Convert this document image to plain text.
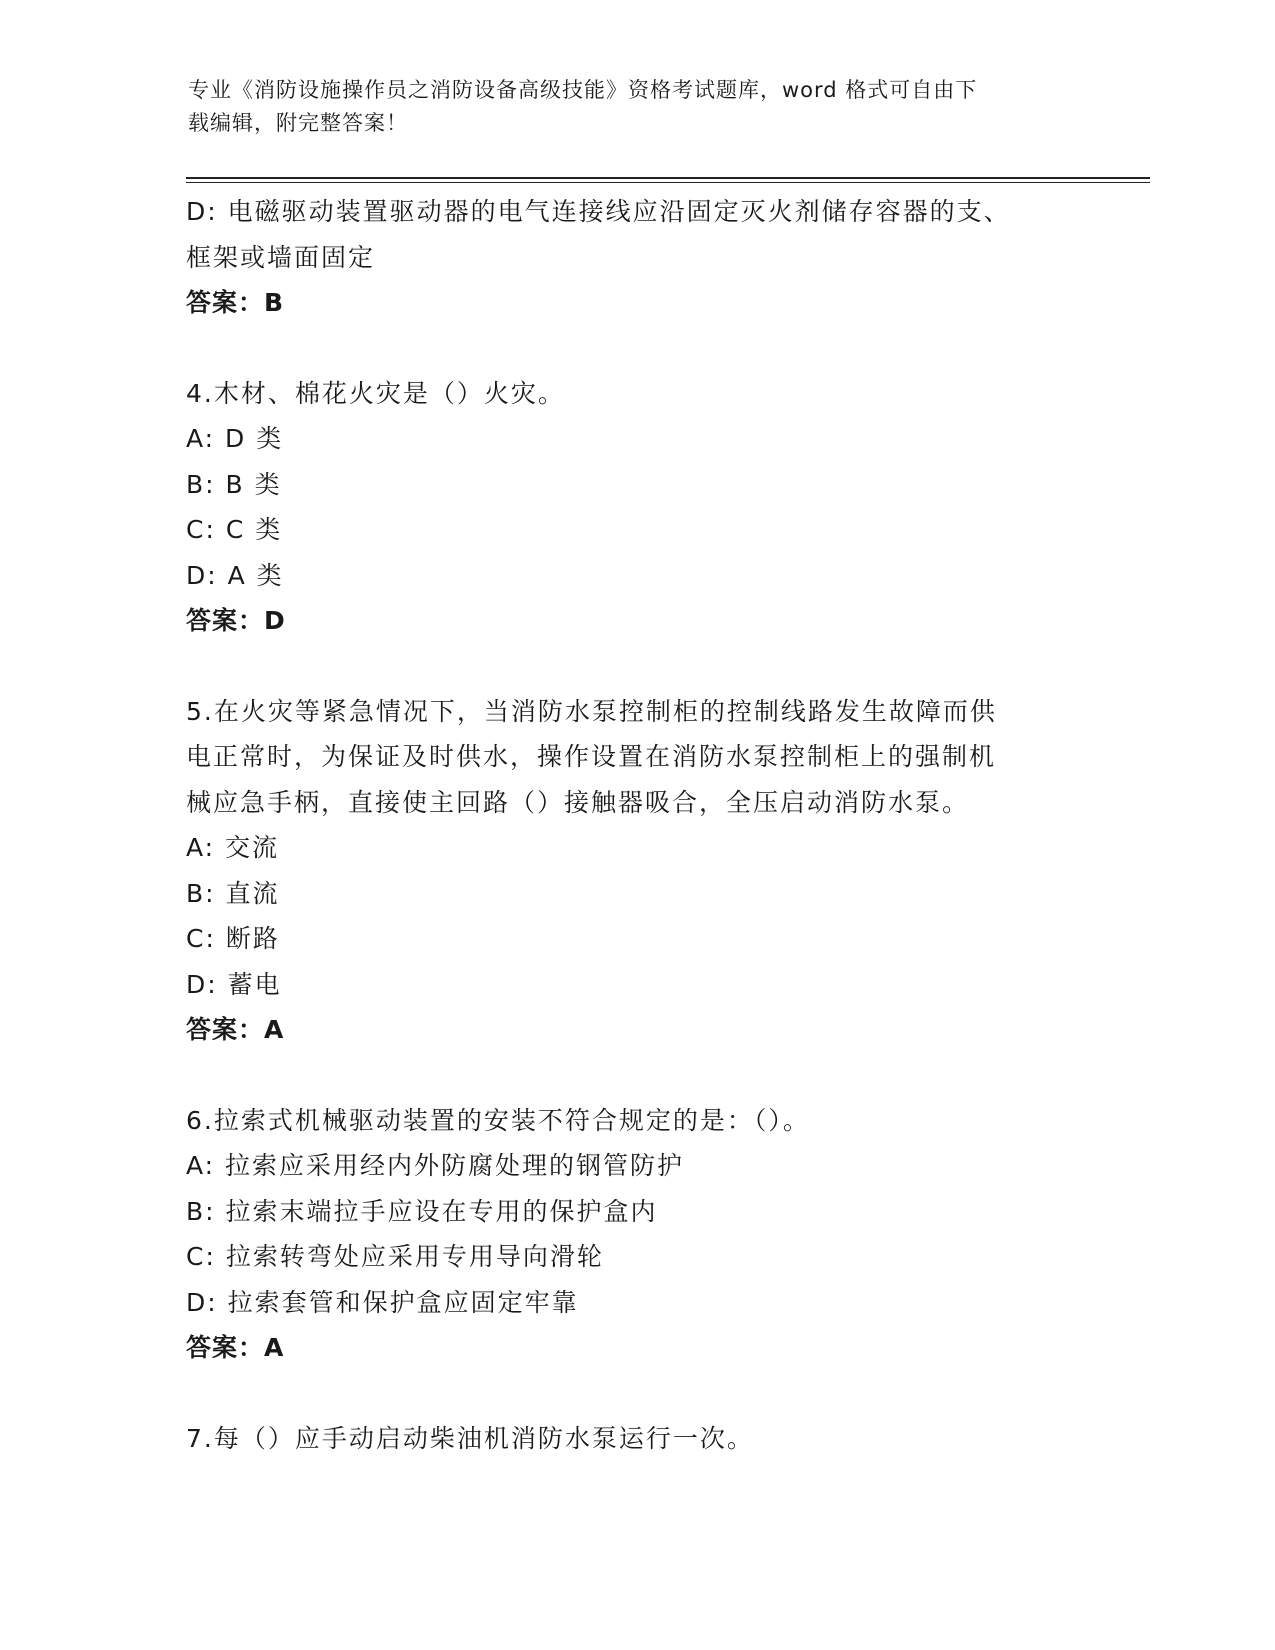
专业《消防设施操作员之消防设备高级技能》资格考试题库，word 格式可自由下
载编辑，附完整答案！
D: 电磁驱动装置驱动器的电气连接线应沿固定灭火剂储存容器的支、
框架或墙面固定
答案：B
4.木材、棉花火灾是（）火灾。
A: D 类
B: B 类
C: C 类
D: A 类
答案：D
5.在火灾等紧急情况下，当消防水泵控制柜的控制线路发生故障而供
电正常时，为保证及时供水，操作设置在消防水泵控制柜上的强制机
械应急手柄，直接使主回路（）接触器吸合，全压启动消防水泵。
A: 交流
B: 直流
C: 断路
D: 蓄电
答案：A
6.拉索式机械驱动装置的安装不符合规定的是：（）。
A: 拉索应采用经内外防腐处理的钢管防护
B: 拉索末端拉手应设在专用的保护盒内
C: 拉索转弯处应采用专用导向滑轮
D: 拉索套管和保护盒应固定牢靠
答案：A
7.每（）应手动启动柴油机消防水泵运行一次。
